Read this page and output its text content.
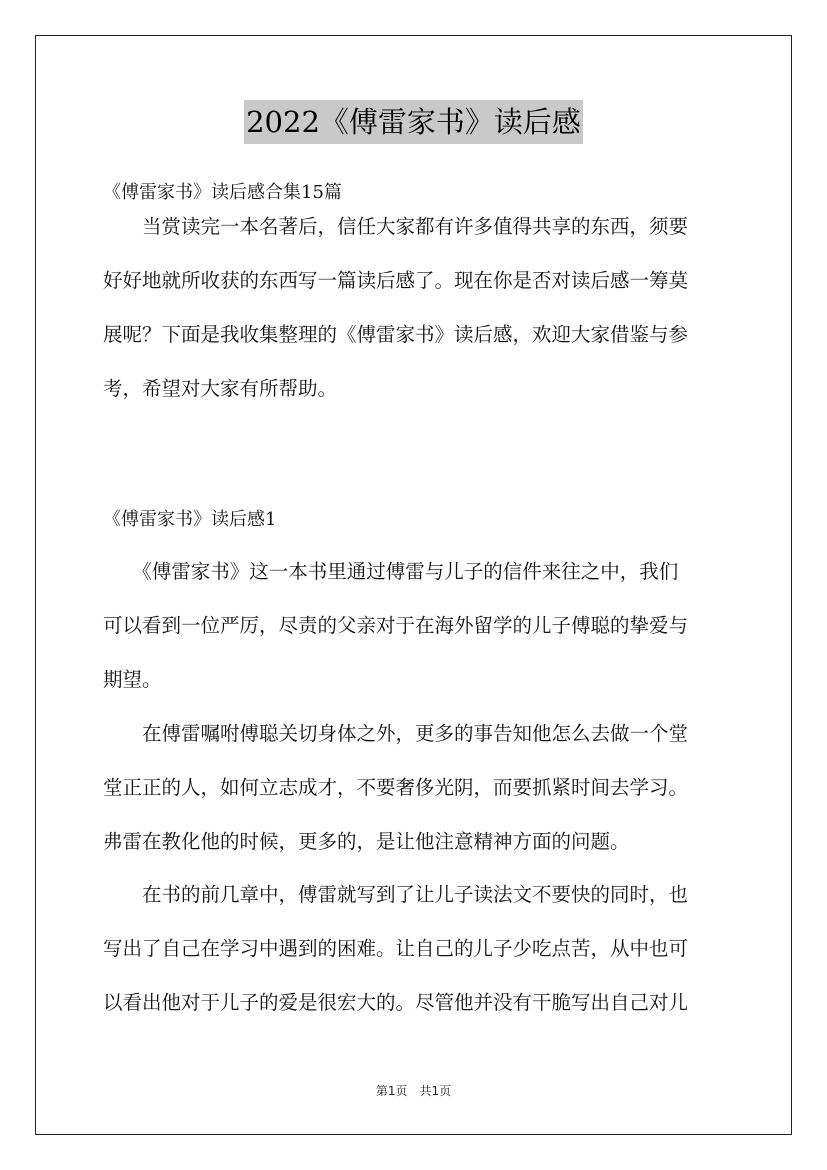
2022《傅雷家书》读后感
《傅雷家书》读后感合集15篇
　　当赏读完一本名著后，信任大家都有许多值得共享的东西，须要
好好地就所收获的东西写一篇读后感了。现在你是否对读后感一筹莫
展呢？下面是我收集整理的《傅雷家书》读后感，欢迎大家借鉴与参
考，希望对大家有所帮助。
《傅雷家书》读后感1
　　《傅雷家书》这一本书里通过傅雷与儿子的信件来往之中，我们
可以看到一位严厉，尽责的父亲对于在海外留学的儿子傅聪的挚爱与
期望。
　　在傅雷嘱咐傅聪关切身体之外，更多的事告知他怎么去做一个堂
堂正正的人，如何立志成才，不要奢侈光阴，而要抓紧时间去学习。
弗雷在教化他的时候，更多的，是让他注意精神方面的问题。
　　在书的前几章中，傅雷就写到了让儿子读法文不要快的同时，也
写出了自己在学习中遇到的困难。让自己的儿子少吃点苦，从中也可
以看出他对于儿子的爱是很宏大的。尽管他并没有干脆写出自己对儿
第1页　共1页
